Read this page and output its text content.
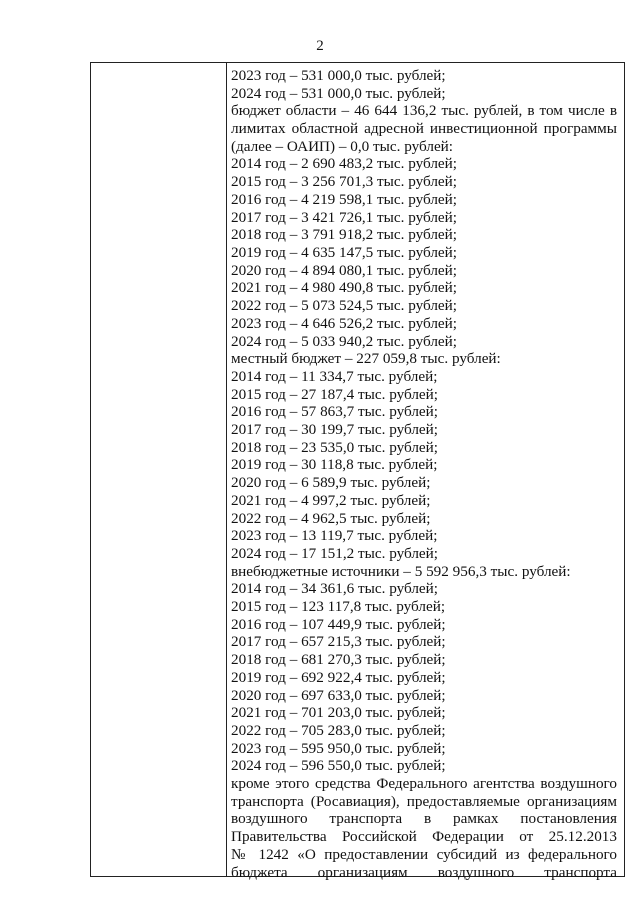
2
2023 год – 531 000,0 тыс. рублей;
2024 год – 531 000,0 тыс. рублей;
бюджет области – 46 644 136,2 тыс. рублей, в том числе в
лимитах областной адресной инвестиционной программы
(далее – ОАИП) – 0,0 тыс. рублей:
2014 год – 2 690 483,2 тыс. рублей;
2015 год – 3 256 701,3 тыс. рублей;
2016 год – 4 219 598,1 тыс. рублей;
2017 год – 3 421 726,1 тыс. рублей;
2018 год – 3 791 918,2 тыс. рублей;
2019 год – 4 635 147,5 тыс. рублей;
2020 год – 4 894 080,1 тыс. рублей;
2021 год – 4 980 490,8 тыс. рублей;
2022 год – 5 073 524,5 тыс. рублей;
2023 год – 4 646 526,2 тыс. рублей;
2024 год – 5 033 940,2 тыс. рублей;
местный бюджет – 227 059,8 тыс. рублей:
2014 год – 11 334,7 тыс. рублей;
2015 год – 27 187,4 тыс. рублей;
2016 год – 57 863,7 тыс. рублей;
2017 год – 30 199,7 тыс. рублей;
2018 год – 23 535,0 тыс. рублей;
2019 год – 30 118,8 тыс. рублей;
2020 год – 6 589,9 тыс. рублей;
2021 год – 4 997,2 тыс. рублей;
2022 год – 4 962,5 тыс. рублей;
2023 год – 13 119,7 тыс. рублей;
2024 год – 17 151,2 тыс. рублей;
внебюджетные источники – 5 592 956,3 тыс. рублей:
2014 год – 34 361,6 тыс. рублей;
2015 год – 123 117,8 тыс. рублей;
2016 год – 107 449,9 тыс. рублей;
2017 год – 657 215,3 тыс. рублей;
2018 год – 681 270,3 тыс. рублей;
2019 год – 692 922,4 тыс. рублей;
2020 год – 697 633,0 тыс. рублей;
2021 год – 701 203,0 тыс. рублей;
2022 год – 705 283,0 тыс. рублей;
2023 год – 595 950,0 тыс. рублей;
2024 год – 596 550,0 тыс. рублей;
кроме этого средства Федерального агентства воздушного
транспорта (Росавиация), предоставляемые организациям
воздушного транспорта в рамках постановления
Правительства Российской Федерации от 25.12.2013
№ 1242 «О предоставлении субсидий из федерального
бюджета организациям воздушного транспорта
